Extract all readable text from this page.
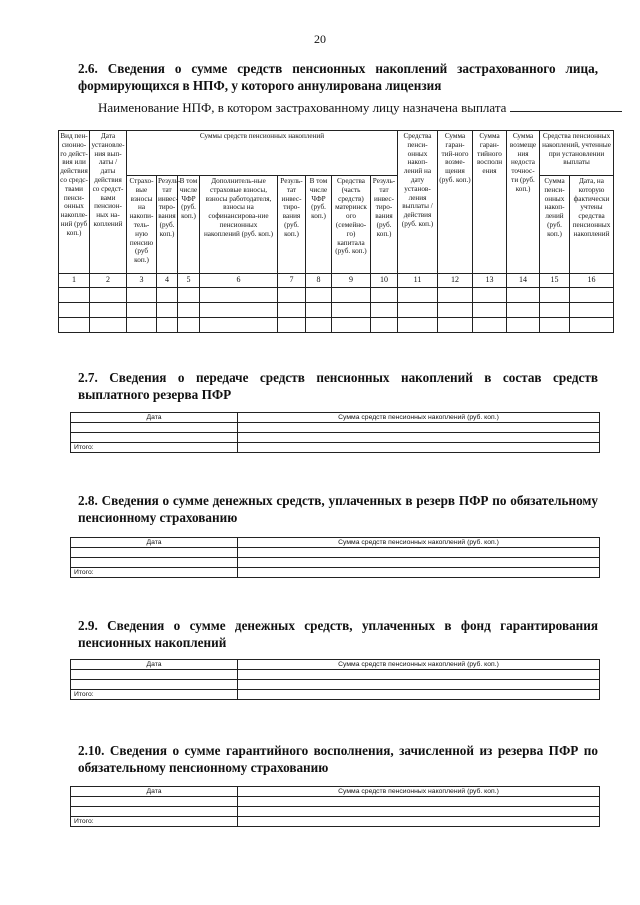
20
2.6. Сведения о сумме средств пенсионных накоплений застрахованного лица, формирующихся в НПФ, у которого аннулирована лицензия
Наименование НПФ, в котором застрахованному лицу назначена выплата
Вид пен-сионно-го дейст-вия или действия со средс-твами пенси-онных накопле-ний (руб коп.)	Дата установле-ния вып-латы / даты действия со средст-вами пенсион-ных на-коплений	Суммы средств пенсионных накоплений								Средства пенси-онных накоп-лений на дату установ-ления выплаты / действия (руб. коп.)	Сумма гаран-тий-ного возме-щения (руб. коп.)	Сумма гаран-тийного восполн ения	Сумма возмеще ния недоста точнос-ти (руб. коп.)	Средства пенсионных накоплений, учтенные при установлении выплаты	
		Страхо-вые взносы на накопи-тель-ную пенсию (руб коп.)	Резуль-тат инвес-тиро-вания (руб. коп.)	В том числе ЧФР (руб. коп.)	Дополнитель-ные страховые взносы, взносы работодателя, взносы на софинансирова-ние пенсионных накоплений (руб. коп.)	Резуль-тат инвес-тиро-вания (руб. коп.)	В том числе ЧФР (руб. коп.)	Средства (часть средств) материнск ого (семейно-го) капитала (руб. коп.)	Резуль-тат инвес-тиро-вания (руб. коп.)					Сумма пенси-онных накоп-лений (руб. коп.)	Дата, на которую фактически учтены средства пенсионных накоплений
1	2	3	4	5	6	7	8	9	10	11	12	13	14	15	16

2.7. Сведения о передаче средств пенсионных накоплений в состав средств выплатного резерва ПФР
Дата	Сумма средств пенсионных накоплений (руб. коп.)

Итого:	
2.8. Сведения о сумме денежных средств, уплаченных в резерв ПФР по обязательному пенсионному страхованию
Дата	Сумма средств пенсионных накоплений (руб. коп.)

Итого:	
2.9. Сведения о сумме денежных средств, уплаченных в фонд гарантирования пенсионных накоплений
Дата	Сумма средств пенсионных накоплений (руб. коп.)

Итого:	
2.10. Сведения о сумме гарантийного восполнения, зачисленной из резерва ПФР по обязательному пенсионному страхованию
Дата	Сумма средств пенсионных накоплений (руб. коп.)

Итого:	
